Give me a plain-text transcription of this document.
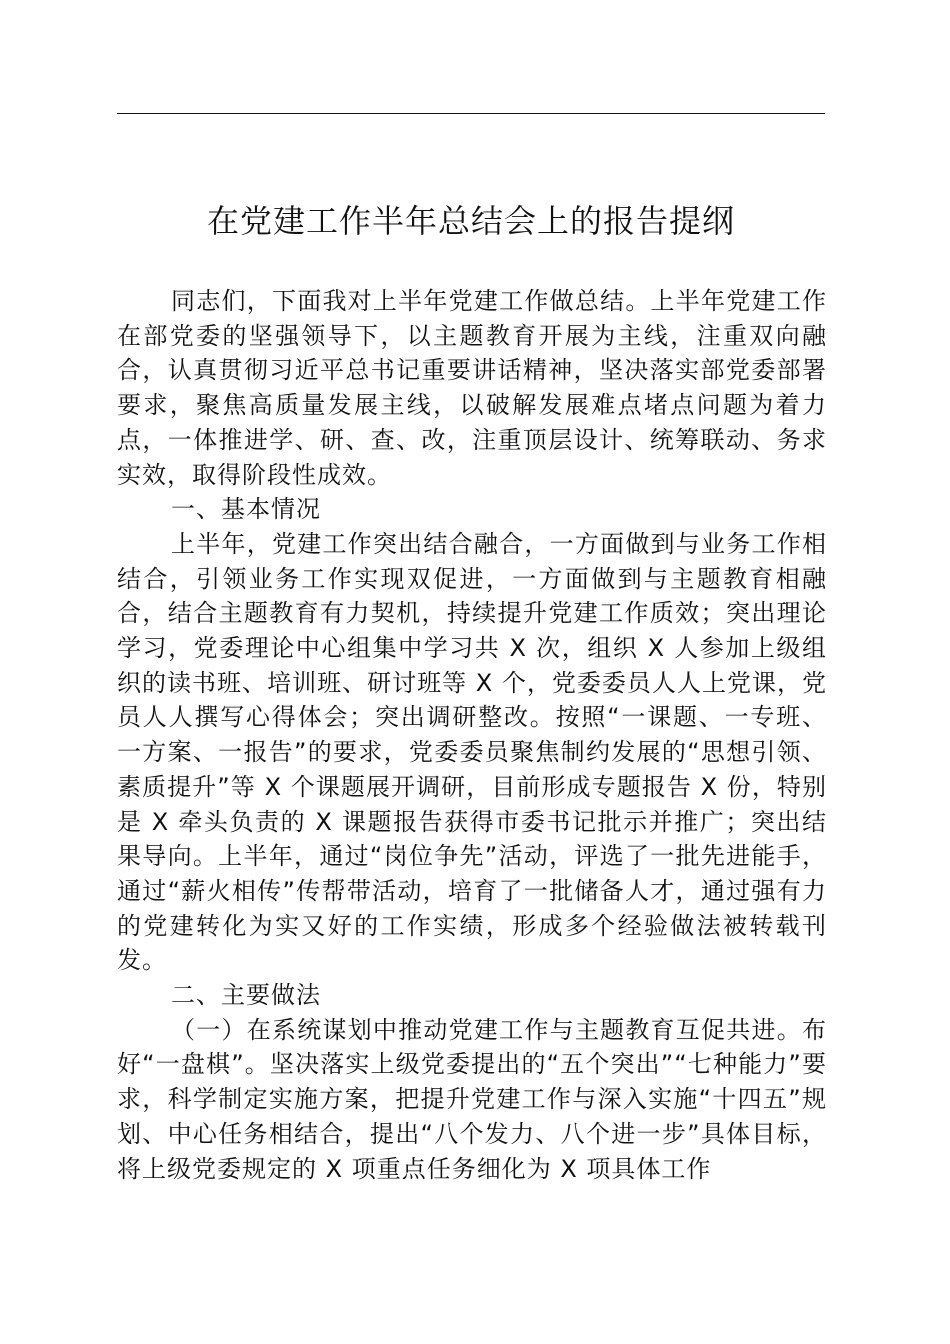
在党建工作半年总结会上的报告提纲

同志们，下面我对上半年党建工作做总结。上半年党建工作在部党委的坚强领导下，以主题教育开展为主线，注重双向融合，认真贯彻习近平总书记重要讲话精神，坚决落实部党委部署要求，聚焦高质量发展主线，以破解发展难点堵点问题为着力点，一体推进学、研、查、改，注重顶层设计、统筹联动、务求实效，取得阶段性成效。

一、基本情况

上半年，党建工作突出结合融合，一方面做到与业务工作相结合，引领业务工作实现双促进，一方面做到与主题教育相融合，结合主题教育有力契机，持续提升党建工作质效；突出理论学习，党委理论中心组集中学习共 X 次，组织 X 人参加上级组织的读书班、培训班、研讨班等 X 个，党委委员人人上党课，党员人人撰写心得体会；突出调研整改。按照“一课题、一专班、一方案、一报告”的要求，党委委员聚焦制约发展的“思想引领、素质提升”等 X 个课题展开调研，目前形成专题报告 X 份，特别是 X 牵头负责的 X 课题报告获得市委书记批示并推广；突出结果导向。上半年，通过“岗位争先”活动，评选了一批先进能手，通过“薪火相传”传帮带活动，培育了一批储备人才，通过强有力的党建转化为实又好的工作实绩，形成多个经验做法被转载刊发。

二、主要做法

（一）在系统谋划中推动党建工作与主题教育互促共进。布好“一盘棋”。坚决落实上级党委提出的“五个突出”“七种能力”要求，科学制定实施方案，把提升党建工作与深入实施“十四五”规划、中心任务相结合，提出“八个发力、八个进一步”具体目标，将上级党委规定的 X 项重点任务细化为 X 项具体工作
